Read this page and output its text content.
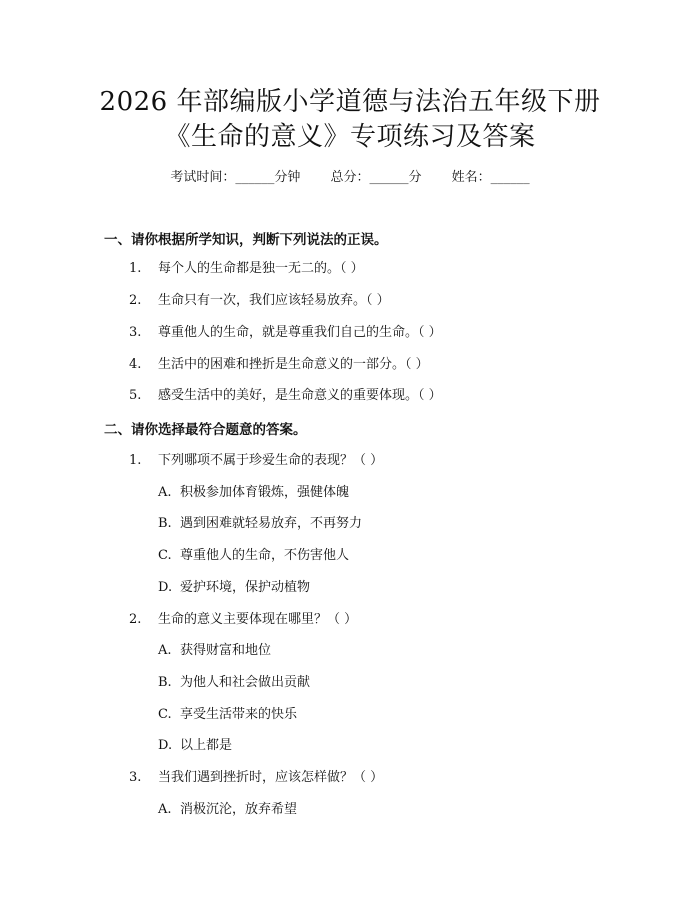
2026 年部编版小学道德与法治五年级下册
《生命的意义》专项练习及答案
考试时间：______分钟 总分：______分 姓名：______
一、请你根据所学知识，判断下列说法的正误。
1. 每个人的生命都是独一无二的。（ ）
2. 生命只有一次，我们应该轻易放弃。（ ）
3. 尊重他人的生命，就是尊重我们自己的生命。（ ）
4. 生活中的困难和挫折是生命意义的一部分。（ ）
5. 感受生活中的美好，是生命意义的重要体现。（ ）
二、请你选择最符合题意的答案。
1. 下列哪项不属于珍爱生命的表现？（ ）
A. 积极参加体育锻炼，强健体魄
B. 遇到困难就轻易放弃，不再努力
C. 尊重他人的生命，不伤害他人
D. 爱护环境，保护动植物
2. 生命的意义主要体现在哪里？（ ）
A. 获得财富和地位
B. 为他人和社会做出贡献
C. 享受生活带来的快乐
D. 以上都是
3. 当我们遇到挫折时，应该怎样做？（ ）
A. 消极沉沦，放弃希望
